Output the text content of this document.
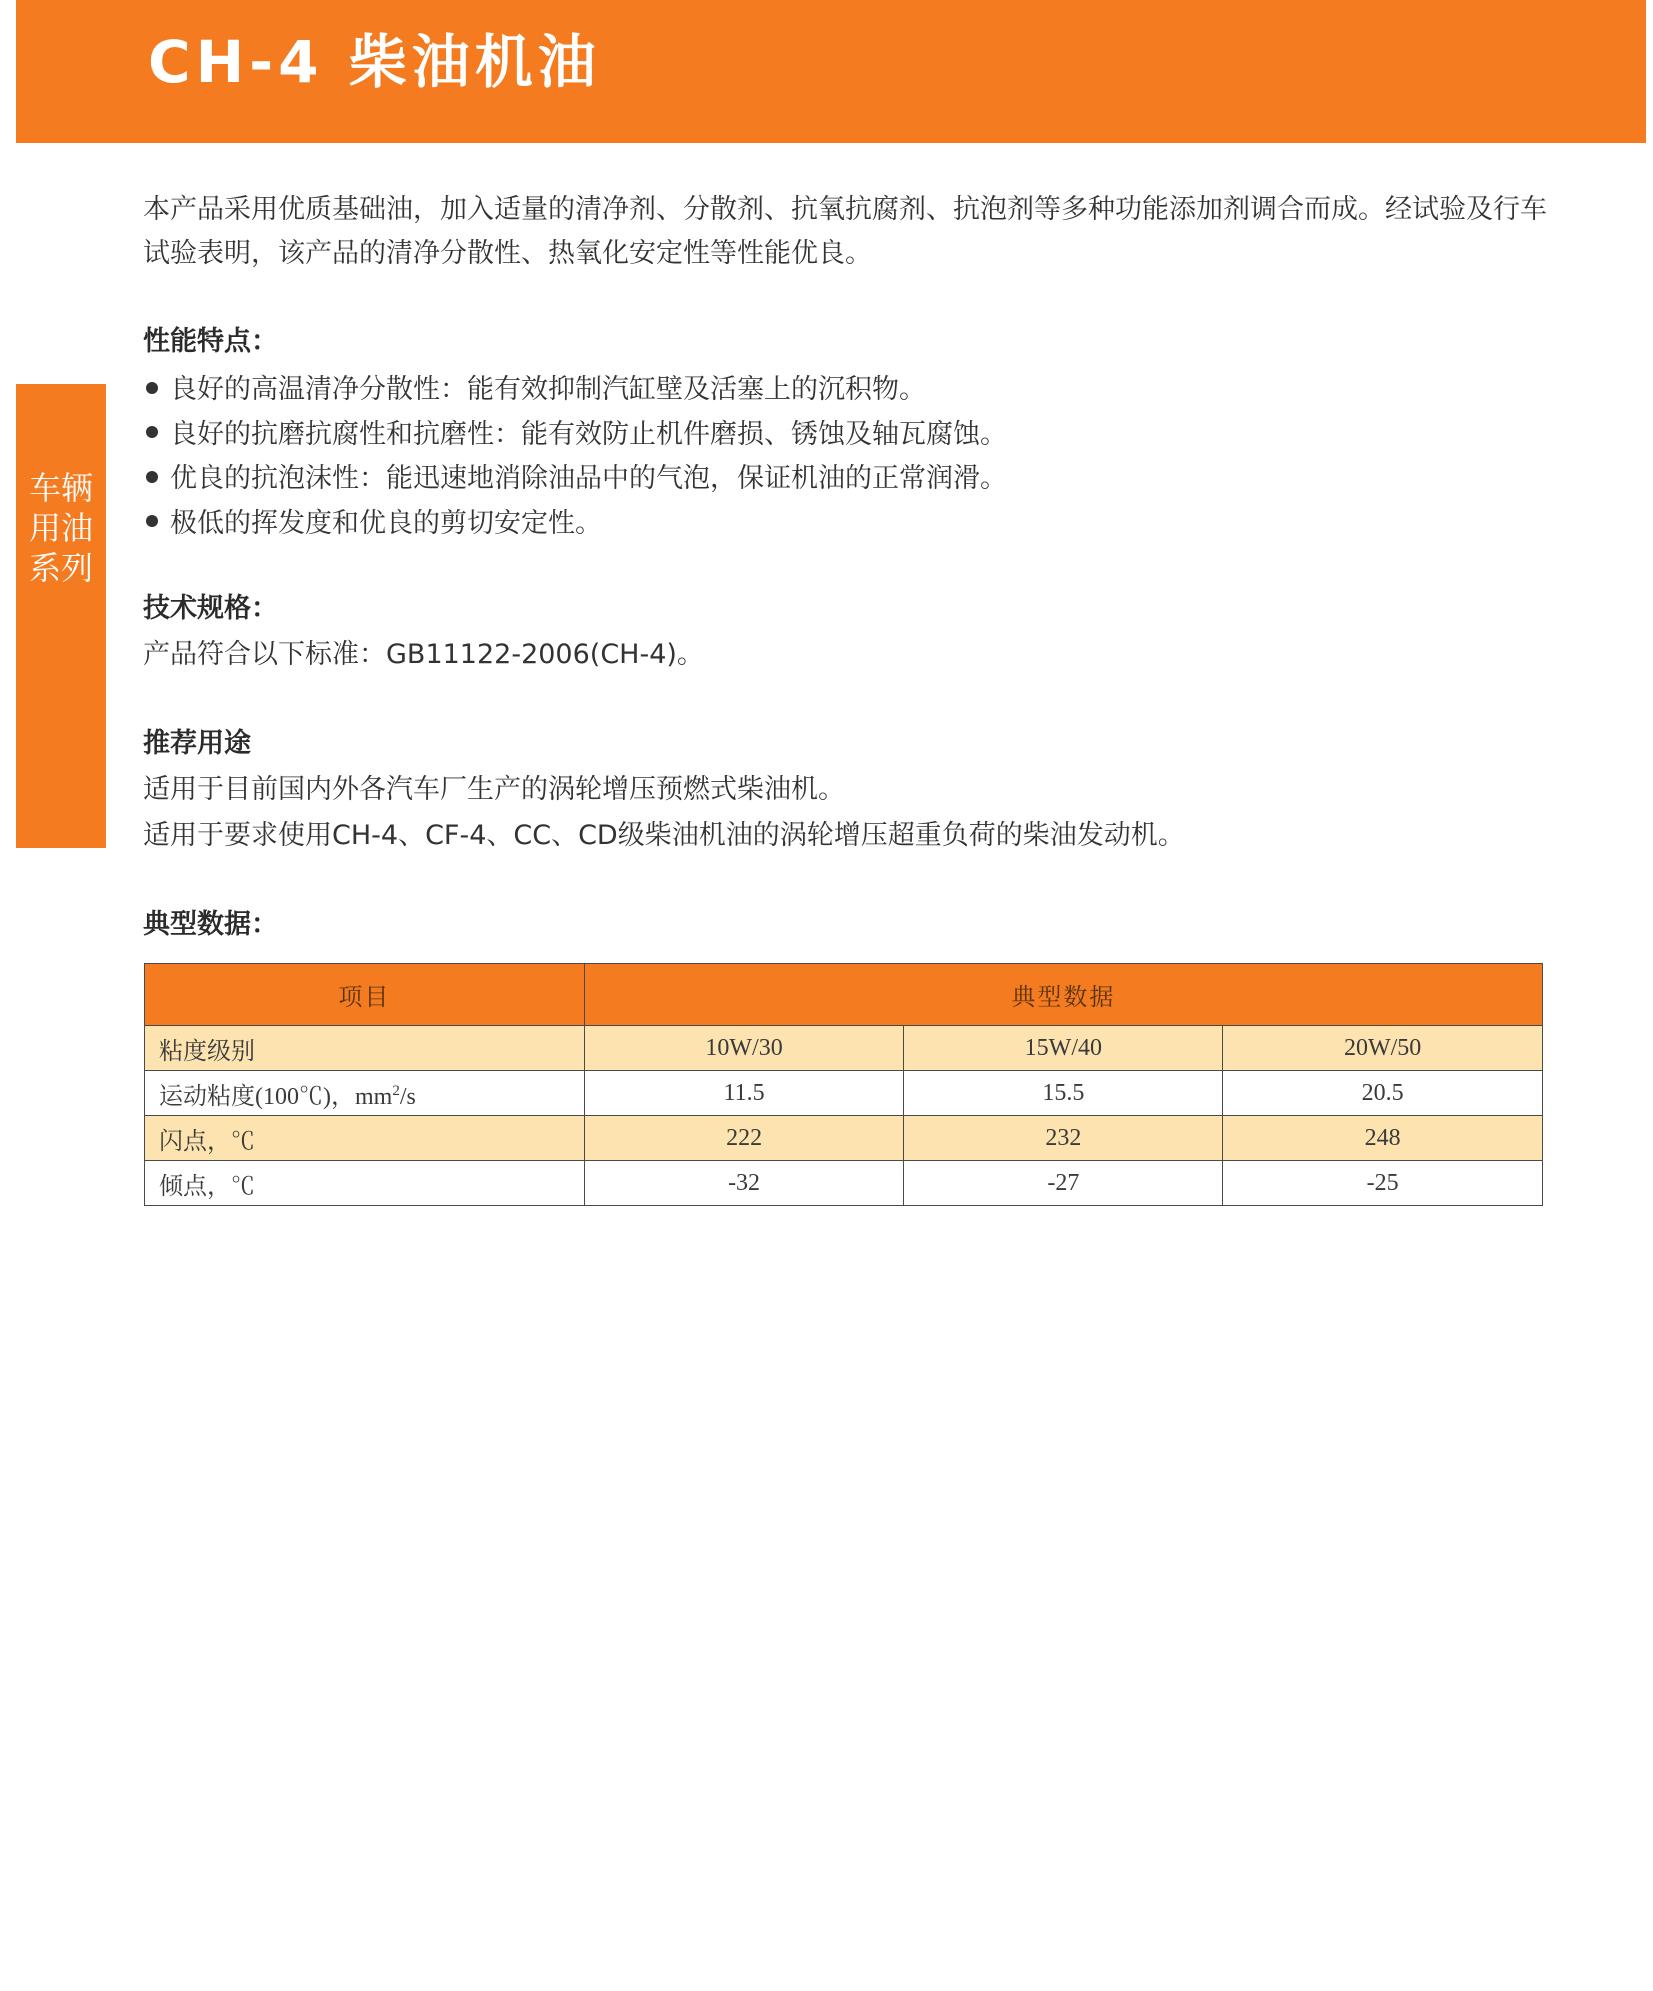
CH-4 柴油机油
车辆用油系列

本产品采用优质基础油，加入适量的清净剂、分散剂、抗氧抗腐剂、抗泡剂等多种功能添加剂调合而成。经试验及行车试验表明，该产品的清净分散性、热氧化安定性等性能优良。

性能特点：
良好的高温清净分散性：能有效抑制汽缸壁及活塞上的沉积物。
良好的抗磨抗腐性和抗磨性：能有效防止机件磨损、锈蚀及轴瓦腐蚀。
优良的抗泡沫性：能迅速地消除油品中的气泡，保证机油的正常润滑。
极低的挥发度和优良的剪切安定性。
技术规格：

产品符合以下标准：GB11122-2006(CH-4)。

推荐用途

适用于目前国内外各汽车厂生产的涡轮增压预燃式柴油机。

适用于要求使用CH-4、CF-4、CC、CD级柴油机油的涡轮增压超重负荷的柴油发动机。

典型数据：
项目	典型数据		
粘度级别	10W/30	15W/40	20W/50
运动粘度(100℃)，$mm^2/s$	11.5	15.5	20.5
闪点，℃	222	232	248
倾点，℃	-32	-27	-25
